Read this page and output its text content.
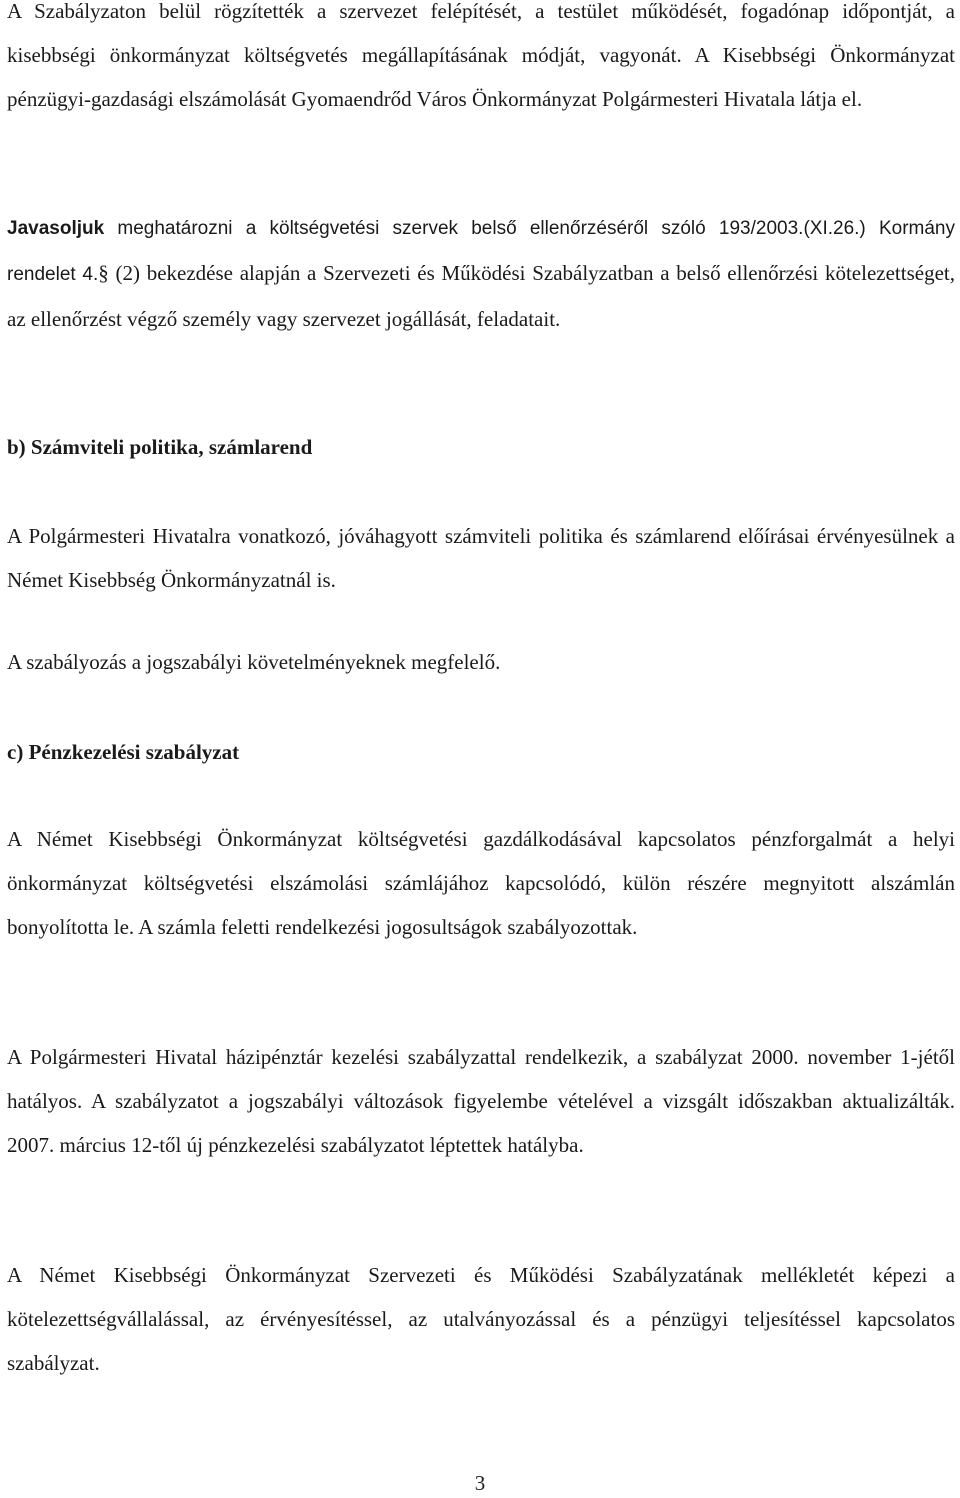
A Szabályzaton belül rögzítették a szervezet felépítését, a testület működését, fogadónap időpontját, a kisebbségi önkormányzat költségvetés megállapításának módját, vagyonát. A Kisebbségi Önkormányzat pénzügyi-gazdasági elszámolását Gyomaendrőd Város Önkormányzat Polgármesteri Hivatala látja el.

Javasoljuk meghatározni a költségvetési szervek belső ellenőrzéséről szóló 193/2003.(XI.26.) Kormány rendelet 4.§ (2) bekezdése alapján a Szervezeti és Működési Szabályzatban a belső ellenőrzési kötelezettséget, az ellenőrzést végző személy vagy szervezet jogállását, feladatait.

b) Számviteli politika, számlarend

A Polgármesteri Hivatalra vonatkozó, jóváhagyott számviteli politika és számlarend előírásai érvényesülnek a Német Kisebbség Önkormányzatnál is.

A szabályozás a jogszabályi követelményeknek megfelelő.

c) Pénzkezelési szabályzat

A Német Kisebbségi Önkormányzat költségvetési gazdálkodásával kapcsolatos pénzforgalmát a helyi önkormányzat költségvetési elszámolási számlájához kapcsolódó, külön részére megnyitott alszámlán bonyolította le. A számla feletti rendelkezési jogosultságok szabályozottak.

A Polgármesteri Hivatal házipénztár kezelési szabályzattal rendelkezik, a szabályzat 2000. november 1-jétől hatályos. A szabályzatot a jogszabályi változások figyelembe vételével a vizsgált időszakban aktualizálták. 2007. március 12-től új pénzkezelési szabályzatot léptettek hatályba.

A Német Kisebbségi Önkormányzat Szervezeti és Működési Szabályzatának mellékletét képezi a kötelezettségvállalással, az érvényesítéssel, az utalványozással és a pénzügyi teljesítéssel kapcsolatos szabályzat.

3
